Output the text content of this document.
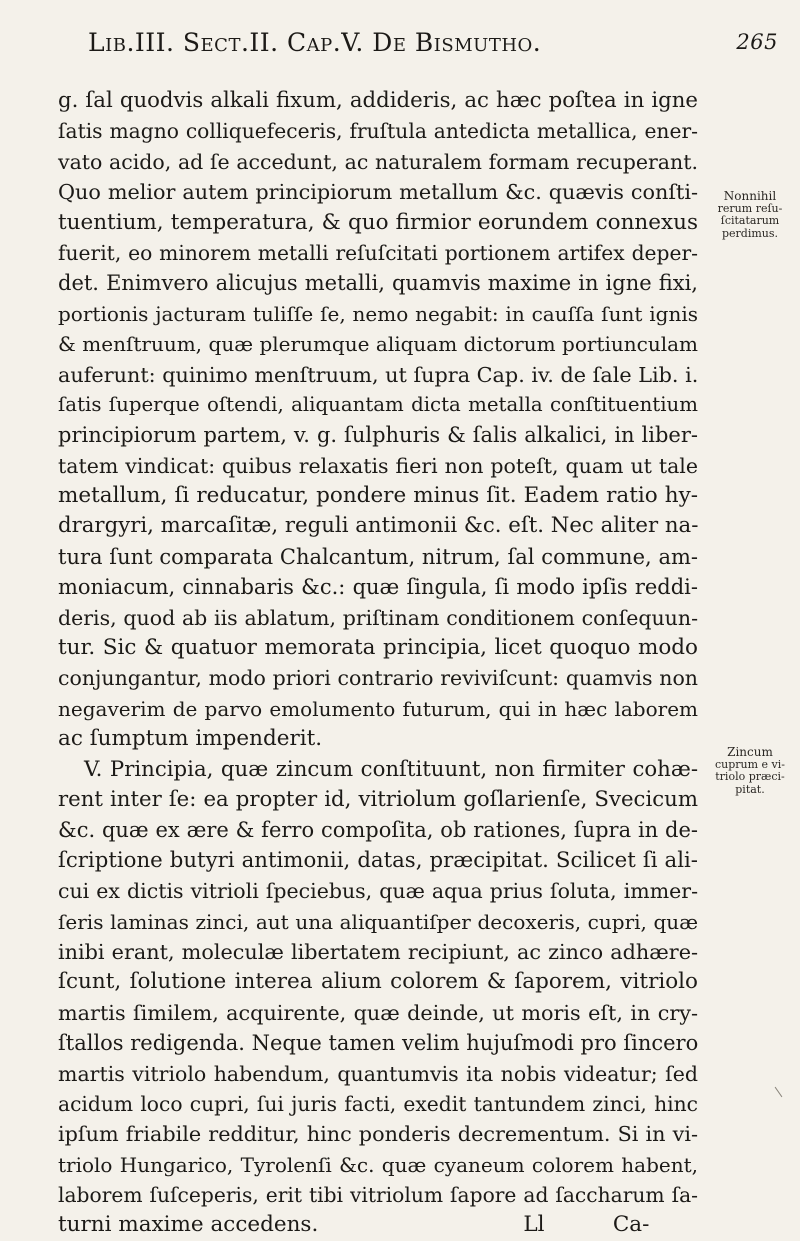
Lib.III. Sect.II. Cap.V. De Bismutho.	265
g. ſal quodvis alkali fixum, addideris, ac hæc poſtea in igne
ſatis magno colliquefeceris, fruſtula antedicta metallica, ener-
vato acido, ad ſe accedunt, ac naturalem formam recuperant.
Quo melior autem principiorum metallum &c. quævis conſti-
tuentium, temperatura, & quo firmior eorundem connexus
fuerit, eo minorem metalli reſuſcitati portionem artifex deper-
det. Enimvero alicujus metalli, quamvis maxime in igne fixi,
portionis jacturam tuliſſe ſe, nemo negabit: in cauſſa ſunt ignis
& menſtruum, quæ plerumque aliquam dictorum portiunculam
auferunt: quinimo menſtruum, ut ſupra Cap. iv. de ſale Lib. i.
ſatis ſuperque oſtendi, aliquantam dicta metalla conſtituentium
principiorum partem, v. g. ſulphuris & ſalis alkalici, in liber-
tatem vindicat: quibus relaxatis fieri non poteſt, quam ut tale
metallum, ſi reducatur, pondere minus ſit. Eadem ratio hy-
drargyri, marcaſitæ, reguli antimonii &c. eſt. Nec aliter na-
tura ſunt comparata Chalcantum, nitrum, ſal commune, am-
moniacum, cinnabaris &c.: quæ ſingula, ſi modo ipſis reddi-
deris, quod ab iis ablatum, priſtinam conditionem conſequun-
tur. Sic & quatuor memorata principia, licet quoquo modo
conjungantur, modo priori contrario reviviſcunt: quamvis non
negaverim de parvo emolumento futurum, qui in hæc laborem
ac ſumptum impenderit.
V. Principia, quæ zincum conſtituunt, non firmiter cohæ-
rent inter ſe: ea propter id, vitriolum goſlarienſe, Svecicum
&c. quæ ex ære & ferro compoſita, ob rationes, ſupra in de-
ſcriptione butyri antimonii, datas, præcipitat. Scilicet ſi ali-
cui ex dictis vitrioli ſpeciebus, quæ aqua prius ſoluta, immer-
ſeris laminas zinci, aut una aliquantiſper decoxeris, cupri, quæ
inibi erant, moleculæ libertatem recipiunt, ac zinco adhære-
ſcunt, ſolutione interea alium colorem & ſaporem, vitriolo
martis ſimilem, acquirente, quæ deinde, ut moris eſt, in cry-
ſtallos redigenda. Neque tamen velim hujuſmodi pro ſincero
martis vitriolo habendum, quantumvis ita nobis videatur; ſed
acidum loco cupri, ſui juris facti, exedit tantundem zinci, hinc
ipſum friabile redditur, hinc ponderis decrementum. Si in vi-
triolo Hungarico, Tyrolenſi &c. quæ cyaneum colorem habent,
laborem ſuſceperis, erit tibi vitriolum ſapore ad ſaccharum ſa-
turni maxime accedens.                              Ll          Ca-
Nonnihil
rerum reſu-
ſcitatarum
perdimus.
Zincum
cuprum e vi-
triolo præci-
pitat.
